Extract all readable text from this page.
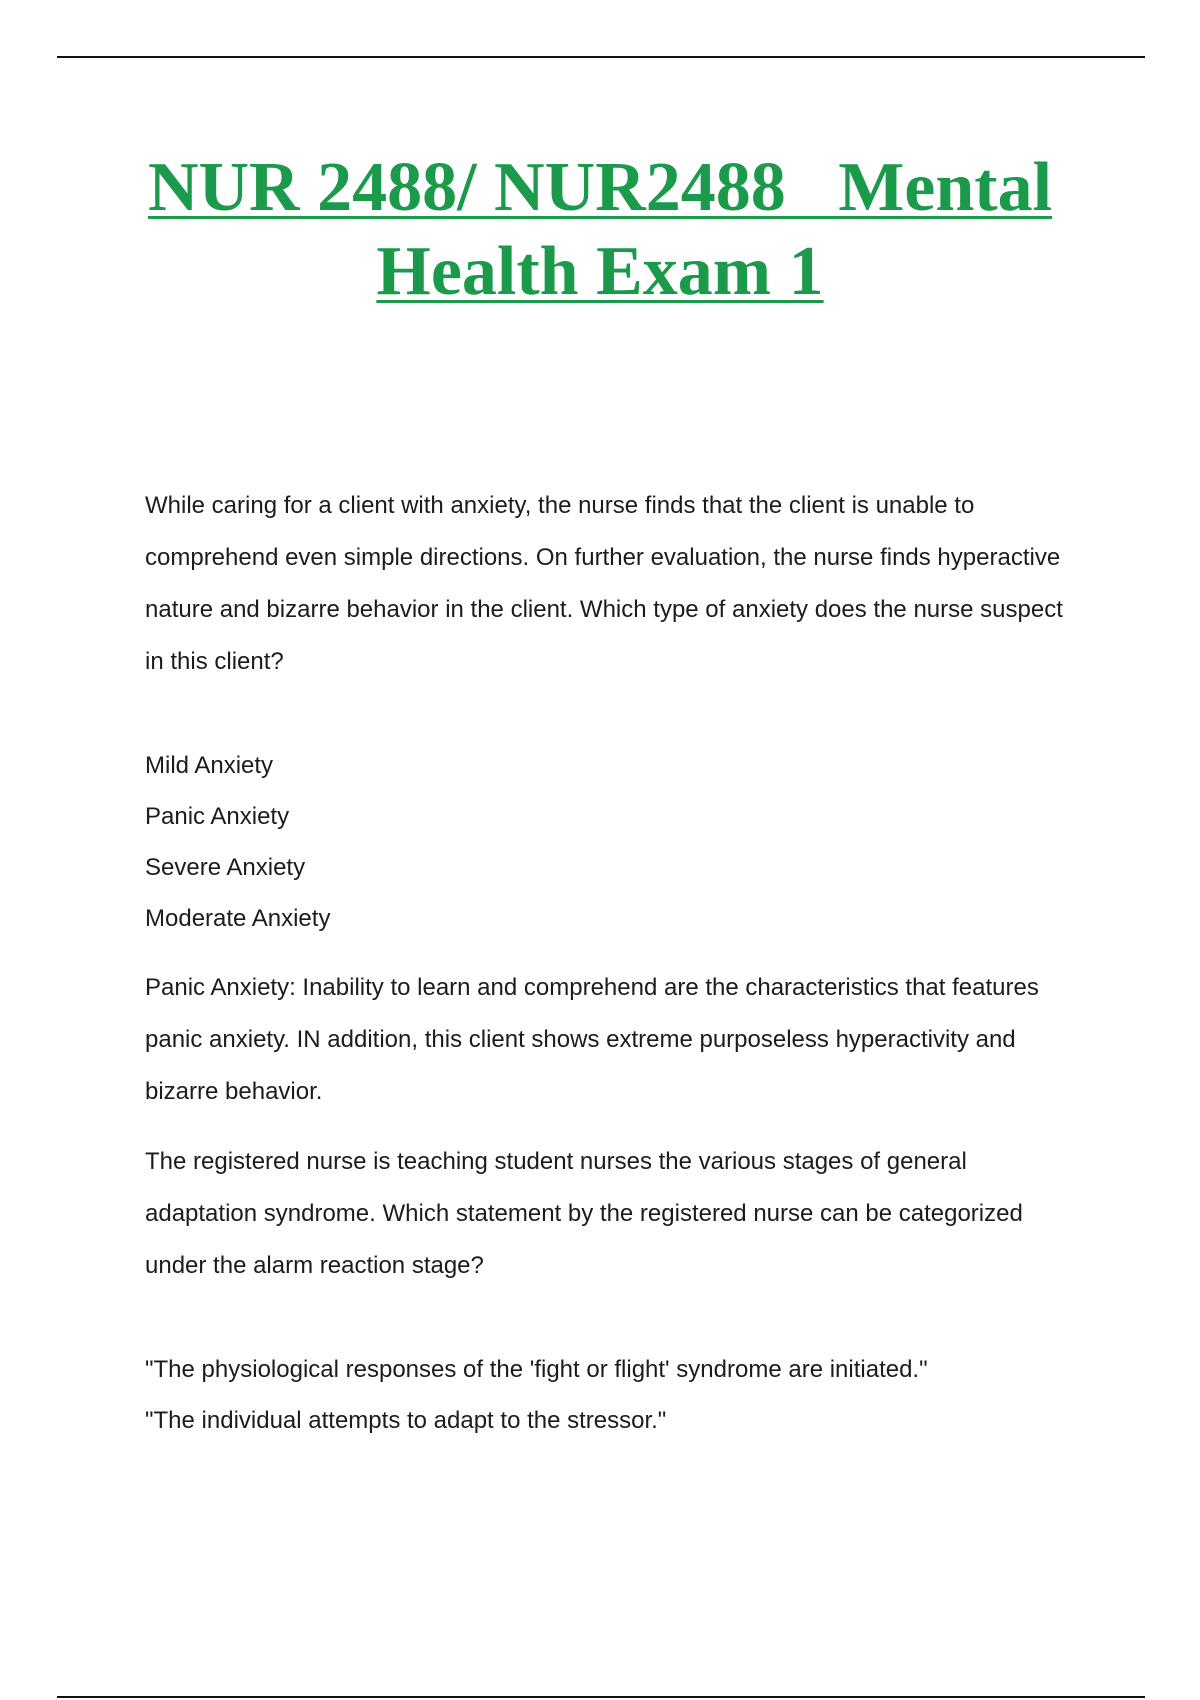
NUR 2488/ NUR2488   Mental
Health Exam 1

While caring for a client with anxiety, the nurse finds that the client is unable to comprehend even simple directions. On further evaluation, the nurse finds hyperactive nature and bizarre behavior in the client. Which type of anxiety does the nurse suspect in this client?

Mild Anxiety
Panic Anxiety
Severe Anxiety
Moderate Anxiety

Panic Anxiety: Inability to learn and comprehend are the characteristics that features panic anxiety. IN addition, this client shows extreme purposeless hyperactivity and bizarre behavior.

The registered nurse is teaching student nurses the various stages of general adaptation syndrome. Which statement by the registered nurse can be categorized under the alarm reaction stage?

"The physiological responses of the 'fight or flight' syndrome are initiated."
"The individual attempts to adapt to the stressor."
